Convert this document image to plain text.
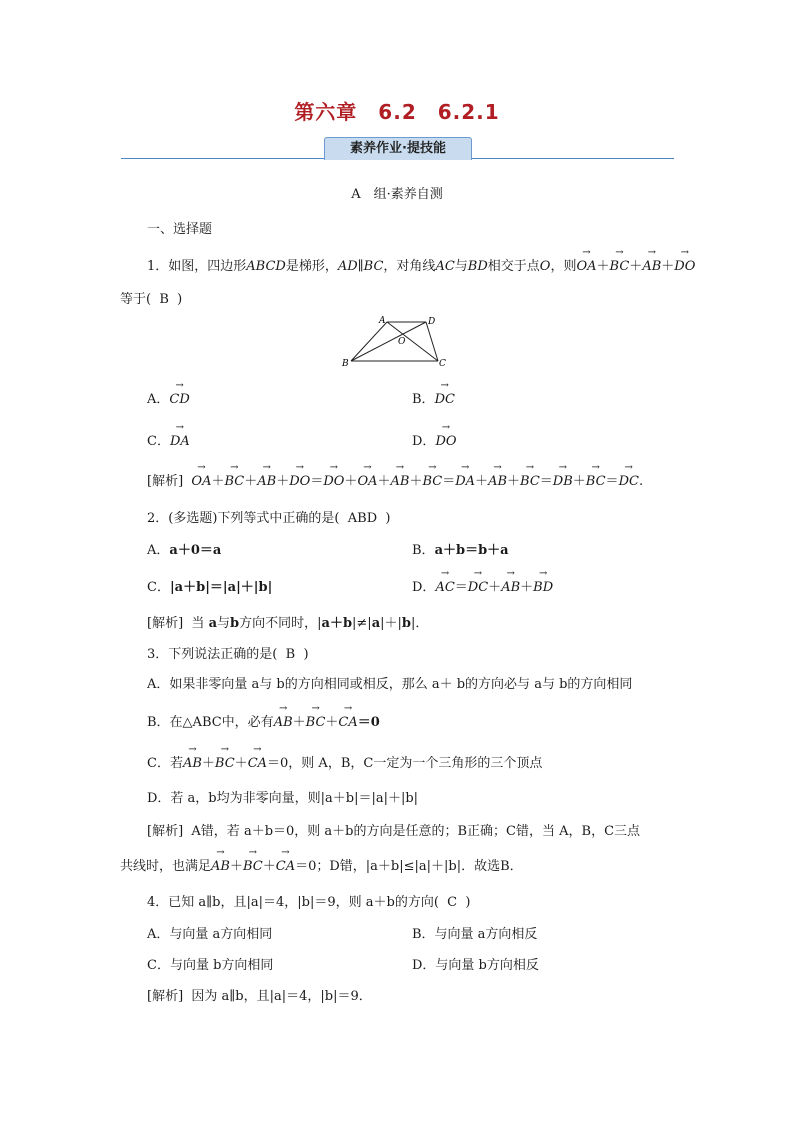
第六章　6.2　6.2.1
素养作业·提技能
A　组·素养自测
一、选择题
1．如图，四边形ABCD是梯形，AD∥BC，对角线AC与BD相交于点O，则→ OA＋→ BC＋→ AB＋→ DO
等于( B )
A	D
O
B	C
A．→ CD	B．→ DC
C．→ DA	D．→ DO
[解析]  → OA＋→ BC＋→ AB＋→ DO＝→ DO＋→ OA＋→ AB＋→ BC＝→ DA＋→ AB＋→ BC＝→ DB＋→ BC＝→ DC.
2．(多选题)下列等式中正确的是( ABD )
A．a＋0＝a	B．a＋b＝b＋a
C．|a＋b|＝|a|＋|b|	D．→ AC＝→ DC＋→ AB＋→ BD
[解析] 当 a与b方向不同时，|a＋b|≠|a|＋|b|．
3．下列说法正确的是( B )
A．如果非零向量 a与 b的方向相同或相反，那么 a＋ b的方向必与 a与 b的方向相同
B．在△ABC中，必有→ AB＋→ BC＋→ CA＝0
C．若→ AB＋→ BC＋→ CA＝0，则 A，B，C一定为一个三角形的三个顶点
D．若 a，b均为非零向量，则|a＋b|＝|a|＋|b|
[解析] A错，若 a＋b＝0，则 a＋b的方向是任意的；B正确；C错，当 A，B，C三点
共线时，也满足→ AB＋→ BC＋→ CA＝0；D错，|a＋b|≤|a|＋|b|．故选B．
4．已知 a∥b，且|a|＝4，|b|＝9，则 a＋b的方向( C )
A．与向量 a方向相同	B．与向量 a方向相反
C．与向量 b方向相同	D．与向量 b方向相反
[解析] 因为 a∥b，且|a|＝4，|b|＝9．
